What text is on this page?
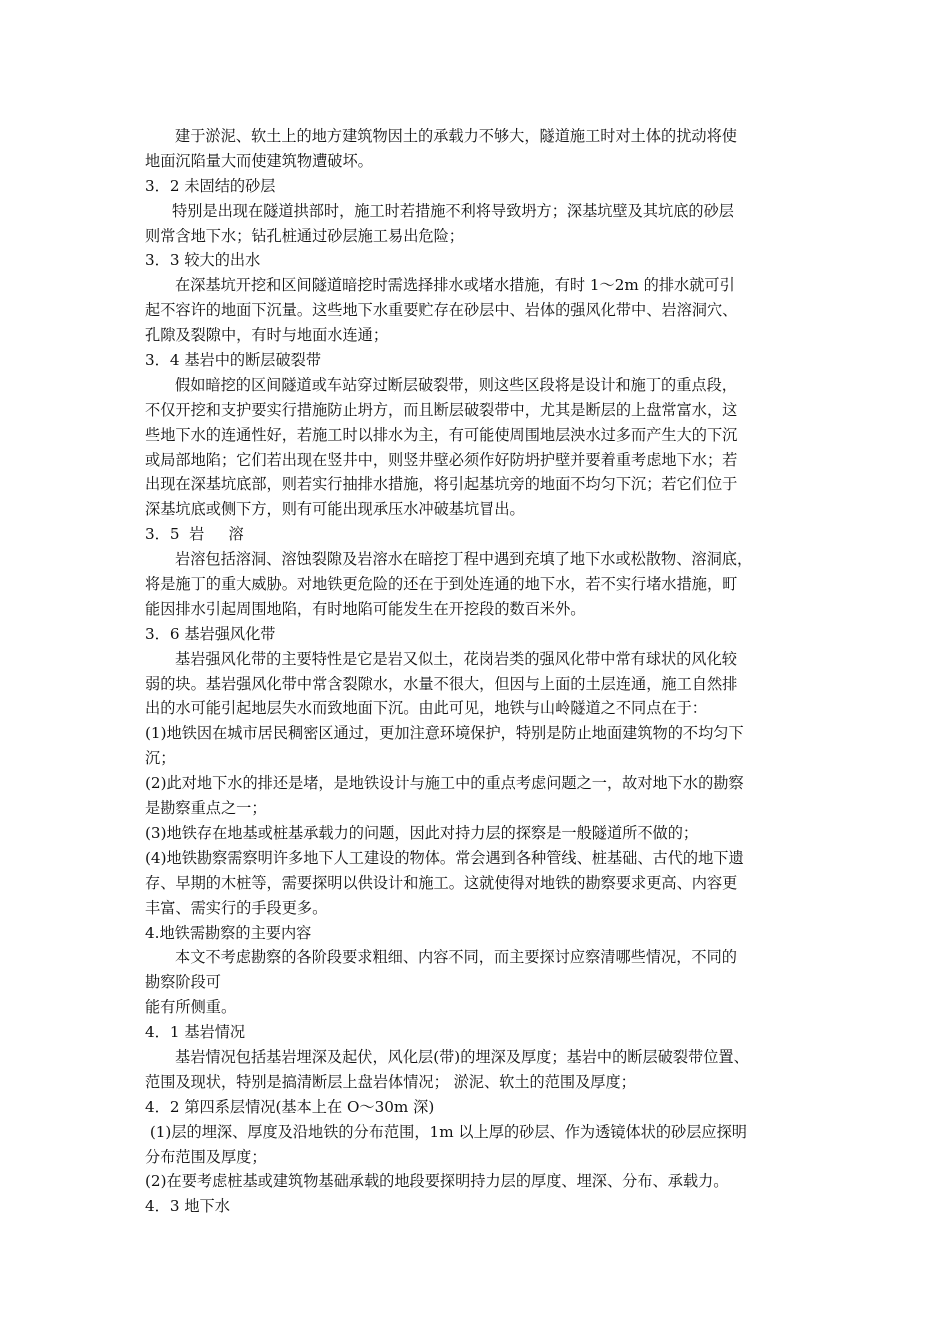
建于淤泥、软土上的地方建筑物因土的承载力不够大，隧道施工时对土体的扰动将使
地面沉陷量大而使建筑物遭破坏。
3．2 未固结的砂层
特别是出现在隧道拱部时，施工时若措施不利将导致坍方；深基坑壁及其坑底的砂层
则常含地下水；钻孔桩通过砂层施工易出危险；
3．3 较大的出水
在深基坑开挖和区间隧道暗挖时需选择排水或堵水措施，有时 1～2m 的排水就可引
起不容许的地面下沉量。这些地下水重要贮存在砂层中、岩体的强风化带中、岩溶洞穴、
孔隙及裂隙中，有时与地面水连通；
3．4 基岩中的断层破裂带
假如暗挖的区间隧道或车站穿过断层破裂带，则这些区段将是设计和施丁的重点段，
不仅开挖和支护要实行措施防止坍方，而且断层破裂带中，尤其是断层的上盘常富水，这
些地下水的连通性好，若施工时以排水为主，有可能使周围地层泱水过多而产生大的下沉
或局部地陷；它们若出现在竖井中，则竖井壁必须作好防坍护壁并要着重考虑地下水；若
出现在深基坑底部，则若实行抽排水措施，将引起基坑旁的地面不均匀下沉；若它们位于
深基坑底或侧下方，则有可能出现承压水冲破基坑冒出。
3．5  岩     溶
岩溶包括溶洞、溶蚀裂隙及岩溶水在暗挖丁程中遇到充填了地下水或松散物、溶洞底，
将是施丁的重大威胁。对地铁更危险的还在于到处连通的地下水，若不实行堵水措施，町
能因排水引起周围地陷，有时地陷可能发生在开挖段的数百米外。
3．6 基岩强风化带
基岩强风化带的主要特性是它是岩又似土，花岗岩类的强风化带中常有球状的风化较
弱的块。基岩强风化带中常含裂隙水，水量不很大，但因与上面的土层连通，施工自然排
出的水可能引起地层失水而致地面下沉。由此可见，地铁与山岭隧道之不同点在于：
(1)地铁因在城市居民稠密区通过，更加注意环境保护，特别是防止地面建筑物的不均匀下
沉；
(2)此对地下水的排还是堵，是地铁设计与施工中的重点考虑问题之一，故对地下水的勘察
是勘察重点之一；
(3)地铁存在地基或桩基承载力的问题，因此对持力层的探察是一般隧道所不做的；
(4)地铁勘察需察明许多地下人工建设的物体。常会遇到各种管线、桩基础、古代的地下遗
存、早期的木桩等，需要探明以供设计和施工。这就使得对地铁的勘察要求更高、内容更
丰富、需实行的手段更多。
4.地铁需勘察的主要内容
本文不考虑勘察的各阶段要求粗细、内容不同，而主要探讨应察清哪些情况，不同的
勘察阶段可
能有所侧重。
4．1 基岩情况
基岩情况包括基岩埋深及起伏，风化层(带)的埋深及厚度；基岩中的断层破裂带位置、
范围及现状，特别是搞清断层上盘岩体情况； 淤泥、软土的范围及厚度；
4．2 第四系层情况(基本上在 O～30m 深)
(1)层的埋深、厚度及沿地铁的分布范围，1m 以上厚的砂层、作为透镜体状的砂层应探明
分布范围及厚度；
(2)在要考虑桩基或建筑物基础承载的地段要探明持力层的厚度、埋深、分布、承载力。
4．3 地下水
